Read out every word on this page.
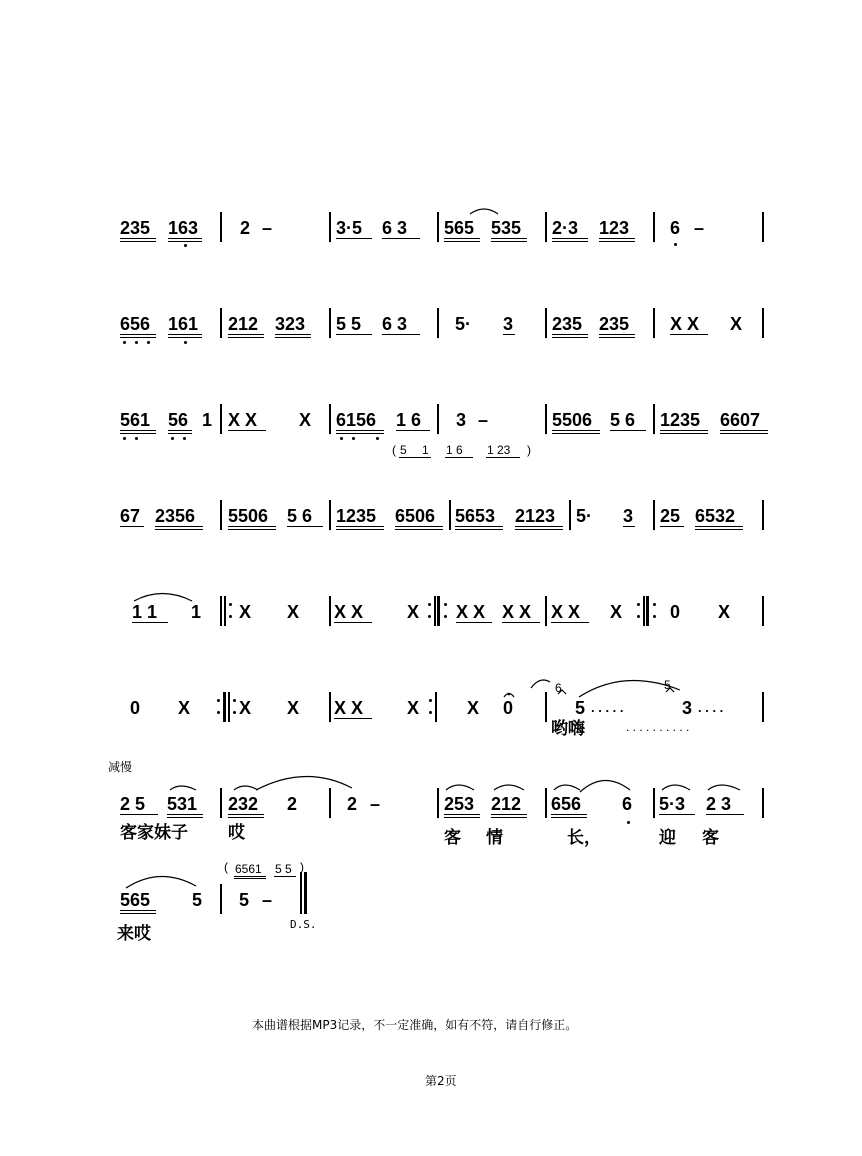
235 163 2 –	3·5 6 3 565 535 2·3 123 6 –
656 161 212 323 5 5 6 3	5· 3 235 235 X X X
561 56 1 X X X 6156 1 6 3 –	5506 5 6 1235 6607
( 5 1 1 6 1 23 )
67 2356 5506 5 6 1235 6506 5653 2123 5· 3 25 6532
1 1 1 X X X X X X X X X X X X	0 X
0 X	X X X X X	X 0	5 . . . . .	3 . . . .
6	5
哟嗨	. . . . . . . . . .
减慢
2 5 531 232 2	2 –	253 212 656 6 5·3 2 3
客家妹子 哎	客 情	长，	迎 客
565 5 5 –
( 6561 5 5 )
D.S.
来哎
本曲谱根据MP3记录，不一定准确，如有不符，请自行修正。
第2页
